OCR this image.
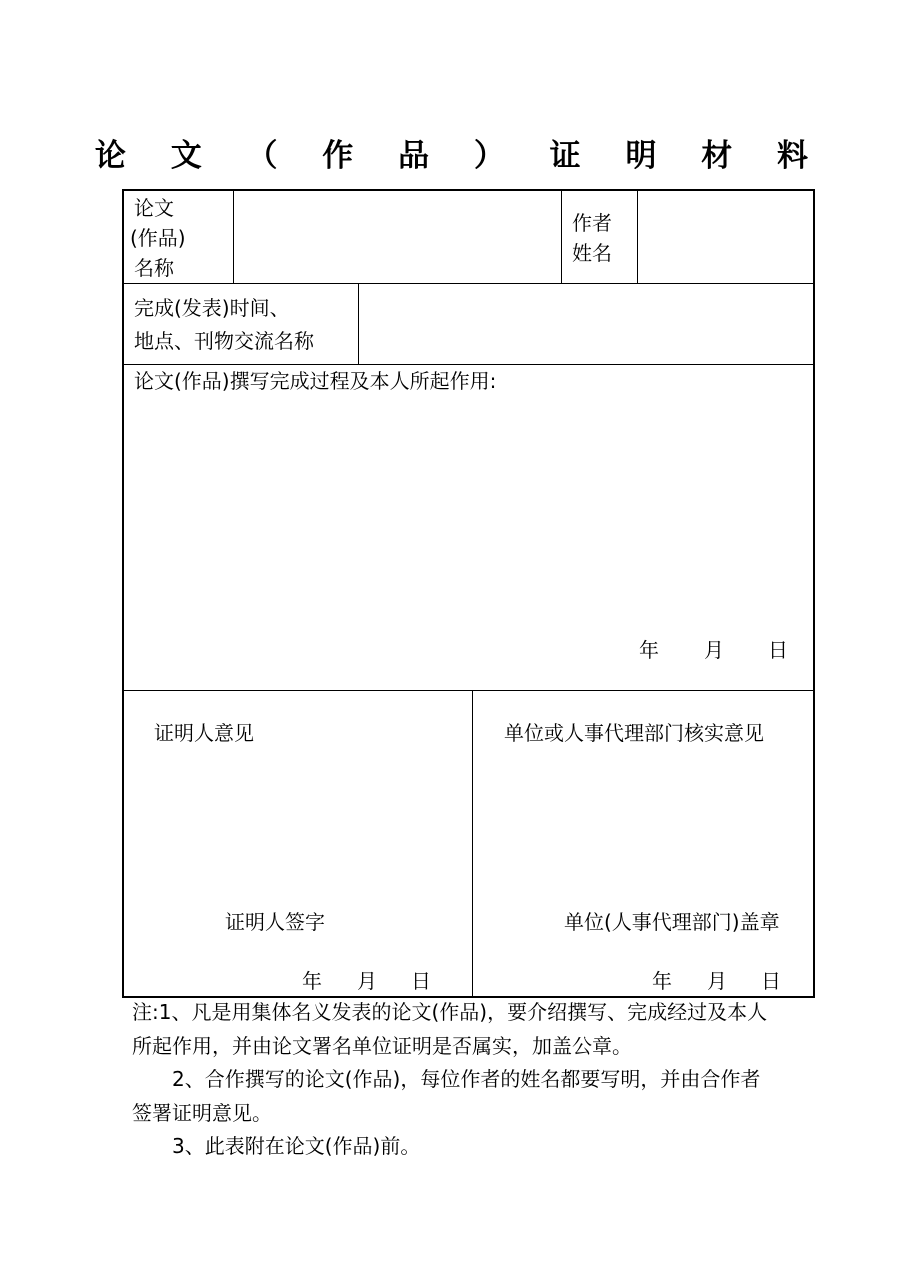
论 文 （ 作 品 ） 证 明 材 料
论文
(作品)
名称
作者
姓名
完成(发表)时间、
地点、刊物交流名称
论文(作品)撰写完成过程及本人所起作用:
年 月 日
证明人意见
证明人签字
年 月 日
单位或人事代理部门核实意见
单位(人事代理部门)盖章
年 月 日
注:1、凡是用集体名义发表的论文(作品)，要介绍撰写、完成经过及本人
所起作用，并由论文署名单位证明是否属实，加盖公章。
2、合作撰写的论文(作品)，每位作者的姓名都要写明，并由合作者
签署证明意见。
3、此表附在论文(作品)前。
